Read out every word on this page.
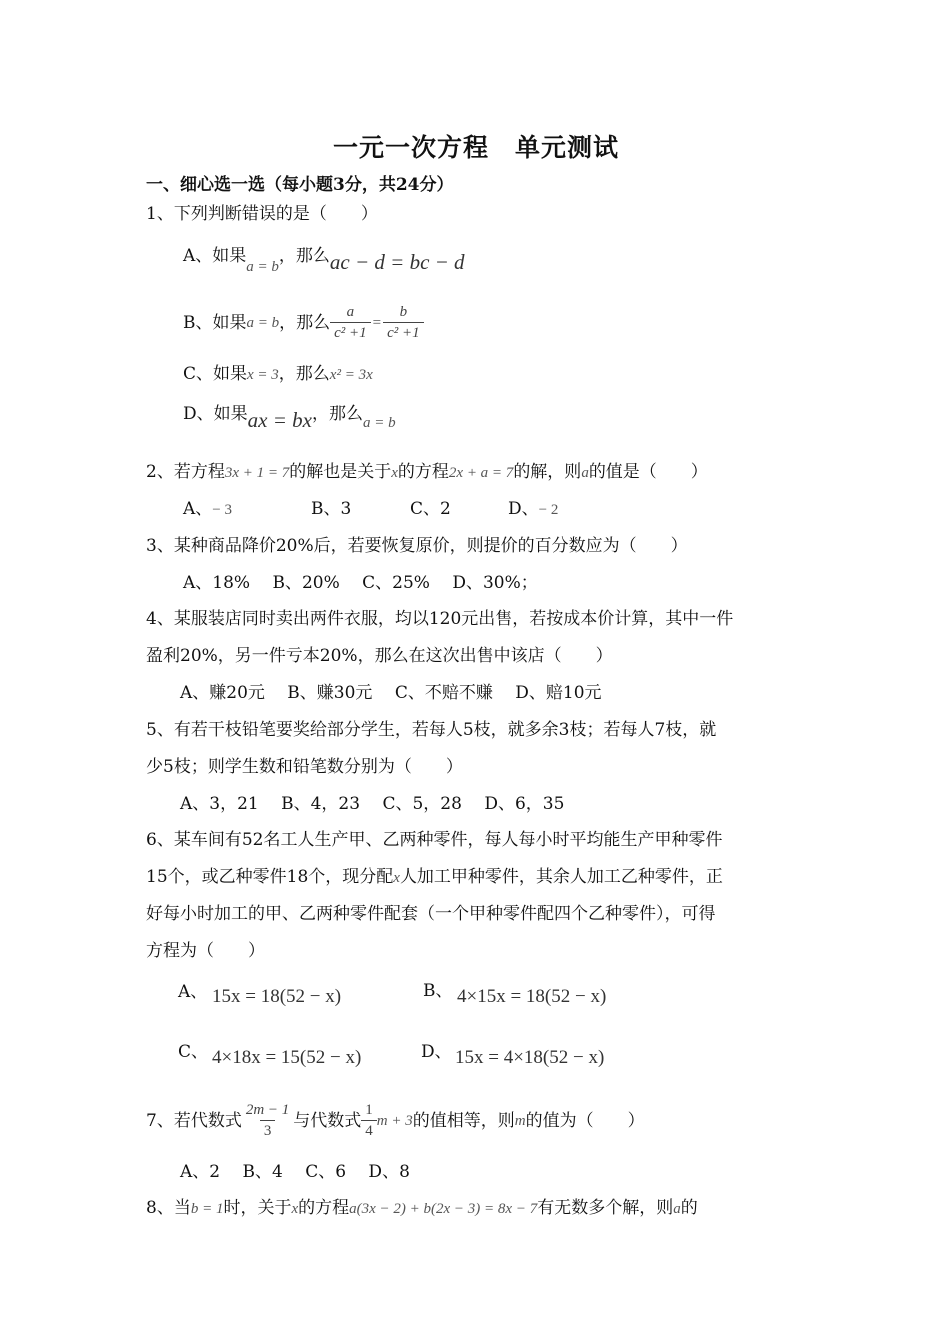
一元一次方程　单元测试
一、细心选一选（每小题3分，共24分）
1、下列判断错误的是（　　）
A、如果a = b，那么ac − d = bc − d
B、如果 a = b ，那么 $\frac{a}{\text{c² +1}} = \frac{b}{\text{c² +1}}$
C、如果x = 3，那么x² = 3x
D、如果ax = bx，那么a = b
2、若方程3x + 1 = 7的解也是关于x的方程2x + a = 7的解，则a的值是（　　）
A、− 3	B、3	C、2	D、− 2
3、某种商品降价20%后，若要恢复原价，则提价的百分数应为（　　）
A、18%　 B、20%　 C、25%　 D、30%；
4、某服装店同时卖出两件衣服，均以120元出售，若按成本价计算，其中一件
盈利20%，另一件亏本20%，那么在这次出售中该店（　　）
A、赚20元　 B、赚30元　 C、不赔不赚　 D、赔10元
5、有若干枝铅笔要奖给部分学生，若每人5枝，就多余3枝；若每人7枝，就
少5枝；则学生数和铅笔数分别为（　　）
A、3，21　 B、4，23　 C、5，28　 D、6，35
6、某车间有52名工人生产甲、乙两种零件，每人每小时平均能生产甲种零件
15个，或乙种零件18个，现分配x人加工甲种零件，其余人加工乙种零件，正
好每小时加工的甲、乙两种零件配套（一个甲种零件配四个乙种零件），可得
方程为（　　）
A、 15x = 18(52 − x)	B、 4×15x = 18(52 − x)
C、 4×18x = 15(52 − x)	D、 15x = 4×18(52 − x)
7、若代数式 $\frac{2m - 1}{3}$ 与代数式 $\frac{1}{4}$ m + 3 的值相等，则 m 的值为（　　）
A、2　 B、4　 C、6　 D、8
8、当b = 1时，关于x的方程a(3x − 2) + b(2x − 3) = 8x − 7有无数多个解，则a的
